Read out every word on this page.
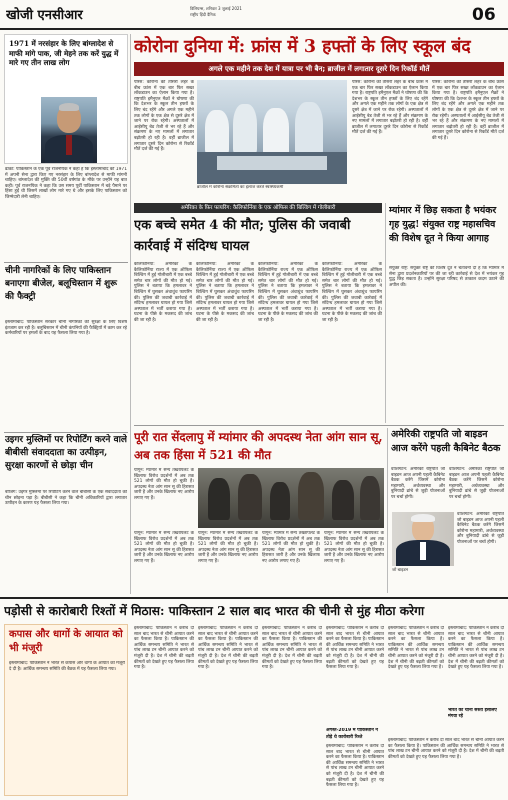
खोजी एनसीआर	विलियम्स, शनिवार 3 जुलाई 2021
राष्ट्रीय हिंदी दैनिक	06
1971 में नरसंहार के लिए बांग्लादेश से माफी मांगे पाक, जी मेहने तक करें युद्ध में मारे गए तीन लाख लोग
ढाका: पाकिस्तान के एक पूर्व राजनयिक ने कहा है कि इस्लामाबाद को 1971 में अपनी सेना द्वारा किए गए नरसंहार के लिए बांग्लादेश से माफी मांगनी चाहिए। बांग्लादेश की मुक्ति की 50वीं वर्षगांठ के मौके पर उन्होंने यह बात कही। पूर्व राजनयिक ने कहा कि उस समय पूर्वी पाकिस्तान में बड़े पैमाने पर हिंसा हुई थी जिसमें लाखों लोग मारे गए थे और इसके लिए पाकिस्तान को जिम्मेदारी लेनी चाहिए।
कोरोना दुनिया में: फ्रांस में 3 हफ्तों के लिए स्कूल बंद
अगले एक महीने तक देश में यात्रा पर भी बैन; ब्राजील में लगातार दूसरे दिन रिकॉर्ड मौतें
पेरिस: कोरोना की तीसरी लहर के बीच फ्रांस में एक बार फिर सख्त लॉकडाउन का ऐलान किया गया है। राष्ट्रपति इमैनुएल मैक्रों ने घोषणा की कि देशभर के स्कूल तीन हफ्तों के लिए बंद रहेंगे और अगले एक महीने तक लोगों के एक क्षेत्र से दूसरे क्षेत्र में जाने पर रोक रहेगी। अस्पतालों में आईसीयू बेड तेजी से भर रहे हैं और संक्रमण के नए मामलों में लगातार बढ़ोतरी हो रही है। वहीं ब्राजील में लगातार दूसरे दिन कोरोना से रिकॉर्ड मौतें दर्ज की गई हैं।
ब्राजील में कोरोना संक्रमितों का इलाज करते स्वास्थ्यकर्मी
पेरिस: कोरोना की तीसरी लहर के बीच फ्रांस में एक बार फिर सख्त लॉकडाउन का ऐलान किया गया है। राष्ट्रपति इमैनुएल मैक्रों ने घोषणा की कि देशभर के स्कूल तीन हफ्तों के लिए बंद रहेंगे और अगले एक महीने तक लोगों के एक क्षेत्र से दूसरे क्षेत्र में जाने पर रोक रहेगी। अस्पतालों में आईसीयू बेड तेजी से भर रहे हैं और संक्रमण के नए मामलों में लगातार बढ़ोतरी हो रही है। वहीं ब्राजील में लगातार दूसरे दिन कोरोना से रिकॉर्ड मौतें दर्ज की गई हैं।
पेरिस: कोरोना की तीसरी लहर के बीच फ्रांस में एक बार फिर सख्त लॉकडाउन का ऐलान किया गया है। राष्ट्रपति इमैनुएल मैक्रों ने घोषणा की कि देशभर के स्कूल तीन हफ्तों के लिए बंद रहेंगे और अगले एक महीने तक लोगों के एक क्षेत्र से दूसरे क्षेत्र में जाने पर रोक रहेगी। अस्पतालों में आईसीयू बेड तेजी से भर रहे हैं और संक्रमण के नए मामलों में लगातार बढ़ोतरी हो रही है। वहीं ब्राजील में लगातार दूसरे दिन कोरोना से रिकॉर्ड मौतें दर्ज की गई हैं।
अमेरिका के फ़िर फायरिंग: कैलिफोर्निया के एक ऑफिस की बिल्डिंग में गोलीबारी
एक बच्चे समेत 4 की मौत; पुलिस की जवाबी कार्रवाई में संदिग्ध घायल
कैलिफोर्निया: अमेरिका के कैलिफोर्निया राज्य में एक ऑफिस बिल्डिंग में हुई गोलीबारी में एक बच्चे समेत चार लोगों की मौत हो गई। पुलिस ने बताया कि हमलावर ने बिल्डिंग में घुसकर अंधाधुंध फायरिंग की। पुलिस की जवाबी कार्रवाई में संदिग्ध हमलावर घायल हो गया जिसे अस्पताल में भर्ती कराया गया है। घटना के पीछे के मकसद की जांच की जा रही है।
कैलिफोर्निया: अमेरिका के कैलिफोर्निया राज्य में एक ऑफिस बिल्डिंग में हुई गोलीबारी में एक बच्चे समेत चार लोगों की मौत हो गई। पुलिस ने बताया कि हमलावर ने बिल्डिंग में घुसकर अंधाधुंध फायरिंग की। पुलिस की जवाबी कार्रवाई में संदिग्ध हमलावर घायल हो गया जिसे अस्पताल में भर्ती कराया गया है। घटना के पीछे के मकसद की जांच की जा रही है।
कैलिफोर्निया: अमेरिका के कैलिफोर्निया राज्य में एक ऑफिस बिल्डिंग में हुई गोलीबारी में एक बच्चे समेत चार लोगों की मौत हो गई। पुलिस ने बताया कि हमलावर ने बिल्डिंग में घुसकर अंधाधुंध फायरिंग की। पुलिस की जवाबी कार्रवाई में संदिग्ध हमलावर घायल हो गया जिसे अस्पताल में भर्ती कराया गया है। घटना के पीछे के मकसद की जांच की जा रही है।
कैलिफोर्निया: अमेरिका के कैलिफोर्निया राज्य में एक ऑफिस बिल्डिंग में हुई गोलीबारी में एक बच्चे समेत चार लोगों की मौत हो गई। पुलिस ने बताया कि हमलावर ने बिल्डिंग में घुसकर अंधाधुंध फायरिंग की। पुलिस की जवाबी कार्रवाई में संदिग्ध हमलावर घायल हो गया जिसे अस्पताल में भर्ती कराया गया है। घटना के पीछे के मकसद की जांच की जा रही है।
म्यांमार में छिड़ सकता है भयंकर गृह युद्ध! संयुक्त राष्ट्र महासचिव की विशेष दूत ने किया आगाह
संयुक्त राष्ट्र: संयुक्त राष्ट्र की विशेष दूत ने चेतावनी दी है कि म्यांमार में सेना द्वारा प्रदर्शनकारियों पर की जा रही कार्रवाई से देश में भयंकर गृह युद्ध छिड़ सकता है। उन्होंने सुरक्षा परिषद से तत्काल कदम उठाने की अपील की।
पूरी रात सेंदलापु में म्यांमार की अपदस्थ नेता आंग सान सू, अब तक हिंसा में 521 की मौत
यांगून: म्यांमार में सैन्य तख्तापलट के खिलाफ विरोध प्रदर्शनों में अब तक 521 लोगों की मौत हो चुकी है। अपदस्थ नेता आंग सान सू की हिरासत जारी है और उनके खिलाफ नए आरोप लगाए गए हैं।
यांगून: म्यांमार में सैन्य तख्तापलट के खिलाफ विरोध प्रदर्शनों में अब तक 521 लोगों की मौत हो चुकी है। अपदस्थ नेता आंग सान सू की हिरासत जारी है और उनके खिलाफ नए आरोप लगाए गए हैं।
यांगून: म्यांमार में सैन्य तख्तापलट के खिलाफ विरोध प्रदर्शनों में अब तक 521 लोगों की मौत हो चुकी है। अपदस्थ नेता आंग सान सू की हिरासत जारी है और उनके खिलाफ नए आरोप लगाए गए हैं।
यांगून: म्यांमार में सैन्य तख्तापलट के खिलाफ विरोध प्रदर्शनों में अब तक 521 लोगों की मौत हो चुकी है। अपदस्थ नेता आंग सान सू की हिरासत जारी है और उनके खिलाफ नए आरोप लगाए गए हैं।
यांगून: म्यांमार में सैन्य तख्तापलट के खिलाफ विरोध प्रदर्शनों में अब तक 521 लोगों की मौत हो चुकी है। अपदस्थ नेता आंग सान सू की हिरासत जारी है और उनके खिलाफ नए आरोप लगाए गए हैं।
अमेरिकी राष्ट्रपति जो बाइडन आज करेंगे पहली कैबिनेट बैठक
वाशिंगटन: अमेरिकी राष्ट्रपति जो बाइडन आज अपनी पहली कैबिनेट बैठक करेंगे जिसमें कोरोना महामारी, अर्थव्यवस्था और बुनियादी ढांचे से जुड़ी योजनाओं पर चर्चा होगी।
वाशिंगटन: अमेरिकी राष्ट्रपति जो बाइडन आज अपनी पहली कैबिनेट बैठक करेंगे जिसमें कोरोना महामारी, अर्थव्यवस्था और बुनियादी ढांचे से जुड़ी योजनाओं पर चर्चा होगी।
वाशिंगटन: अमेरिकी राष्ट्रपति जो बाइडन आज अपनी पहली कैबिनेट बैठक करेंगे जिसमें कोरोना महामारी, अर्थव्यवस्था और बुनियादी ढांचे से जुड़ी योजनाओं पर चर्चा होगी।
जो बाइडन
चीनी नागरिकों के लिए पाकिस्तान बनाएगा बीजेल, बलूचिस्तान में शुरू की फैक्ट्री
इस्लामाबाद: पाकिस्तान सरकार चीनी नागरिकों की सुरक्षा के लिए विशेष इंतजाम कर रही है। बलूचिस्तान में चीनी कंपनियों की फैक्ट्रियों में काम कर रहे कर्मचारियों पर हमलों के बाद यह फैसला लिया गया है।
उइगर मुस्लिमों पर रिपोर्टिंग करने वाले बीबीसी संवाददाता का उत्पीड़न, सुरक्षा कारणों से छोड़ा चीन
बीजिंग: उइगर मुस्लिमों पर रिपोर्टिंग करने वाले बीबीसी के एक संवाददाता को चीन छोड़ना पड़ा है। बीबीसी ने कहा कि चीनी अधिकारियों द्वारा लगातार उत्पीड़न के कारण यह फैसला लिया गया।
पड़ोसी से कारोबारी रिश्तों में मिठास: पाकिस्तान 2 साल बाद भारत की चीनी से मुंह मीठा करेगा
कपास और धागों के आयात को भी मंजूरी
इस्लामाबाद: पाकिस्तान ने भारत से कपास और धागों के आयात को मंजूरी दे दी है। आर्थिक समन्वय समिति की बैठक में यह फैसला लिया गया।
इस्लामाबाद: पाकिस्तान ने करीब दो साल बाद भारत से चीनी आयात करने का फैसला किया है। पाकिस्तान की आर्थिक समन्वय समिति ने भारत से पांच लाख टन चीनी आयात करने को मंजूरी दी है। देश में चीनी की बढ़ती कीमतों को देखते हुए यह फैसला लिया गया है।
इस्लामाबाद: पाकिस्तान ने करीब दो साल बाद भारत से चीनी आयात करने का फैसला किया है। पाकिस्तान की आर्थिक समन्वय समिति ने भारत से पांच लाख टन चीनी आयात करने को मंजूरी दी है। देश में चीनी की बढ़ती कीमतों को देखते हुए यह फैसला लिया गया है।
इस्लामाबाद: पाकिस्तान ने करीब दो साल बाद भारत से चीनी आयात करने का फैसला किया है। पाकिस्तान की आर्थिक समन्वय समिति ने भारत से पांच लाख टन चीनी आयात करने को मंजूरी दी है। देश में चीनी की बढ़ती कीमतों को देखते हुए यह फैसला लिया गया है।
इस्लामाबाद: पाकिस्तान ने करीब दो साल बाद भारत से चीनी आयात करने का फैसला किया है। पाकिस्तान की आर्थिक समन्वय समिति ने भारत से पांच लाख टन चीनी आयात करने को मंजूरी दी है। देश में चीनी की बढ़ती कीमतों को देखते हुए यह फैसला लिया गया है।
अगस्त-2019 में पाकिस्तान ने तोड़े थे कारोबारी रिश्ते
इस्लामाबाद: पाकिस्तान ने करीब दो साल बाद भारत से चीनी आयात करने का फैसला किया है। पाकिस्तान की आर्थिक समन्वय समिति ने भारत से पांच लाख टन चीनी आयात करने को मंजूरी दी है। देश में चीनी की बढ़ती कीमतों को देखते हुए यह फैसला लिया गया है।
इस्लामाबाद: पाकिस्तान ने करीब दो साल बाद भारत से चीनी आयात करने का फैसला किया है। पाकिस्तान की आर्थिक समन्वय समिति ने भारत से पांच लाख टन चीनी आयात करने को मंजूरी दी है। देश में चीनी की बढ़ती कीमतों को देखते हुए यह फैसला लिया गया है।
भारत की चीनी सस्ती इसलिए मंगवा रहे
इस्लामाबाद: पाकिस्तान ने करीब दो साल बाद भारत से चीनी आयात करने का फैसला किया है। पाकिस्तान की आर्थिक समन्वय समिति ने भारत से पांच लाख टन चीनी आयात करने को मंजूरी दी है। देश में चीनी की बढ़ती कीमतों को देखते हुए यह फैसला लिया गया है।
इस्लामाबाद: पाकिस्तान ने करीब दो साल बाद भारत से चीनी आयात करने का फैसला किया है। पाकिस्तान की आर्थिक समन्वय समिति ने भारत से पांच लाख टन चीनी आयात करने को मंजूरी दी है। देश में चीनी की बढ़ती कीमतों को देखते हुए यह फैसला लिया गया है।
